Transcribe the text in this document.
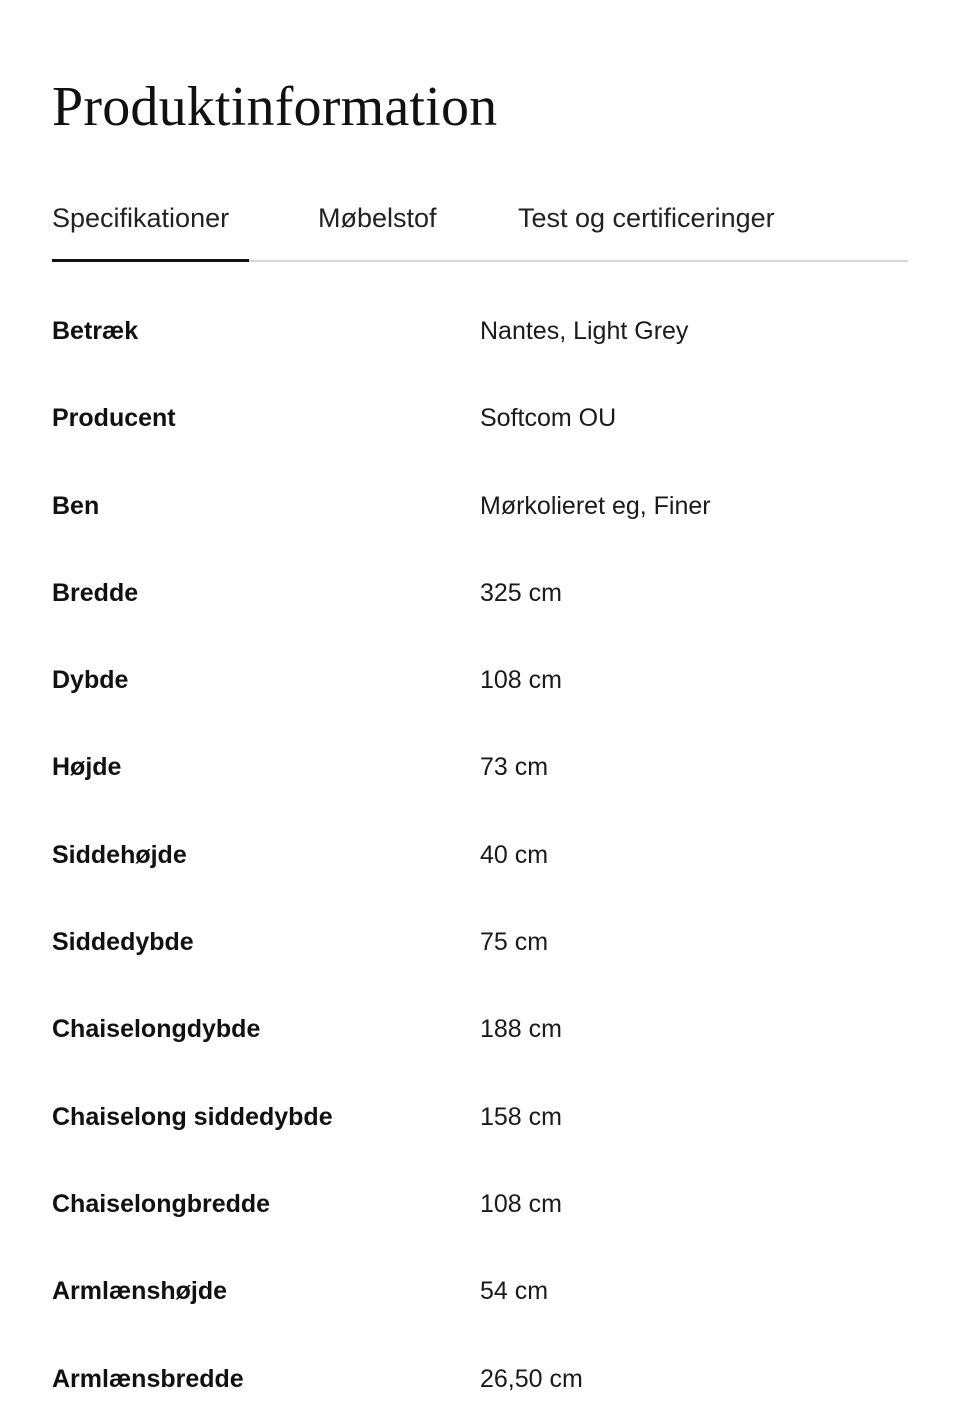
Produktinformation
Specifikationer	Møbelstof	Test og certificeringer
Betræk	Nantes, Light Grey
Producent	Softcom OU
Ben	Mørkolieret eg, Finer
Bredde	325 cm
Dybde	108 cm
Højde	73 cm
Siddehøjde	40 cm
Siddedybde	75 cm
Chaiselongdybde	188 cm
Chaiselong siddedybde	158 cm
Chaiselongbredde	108 cm
Armlænshøjde	54 cm
Armlænsbredde	26,50 cm
